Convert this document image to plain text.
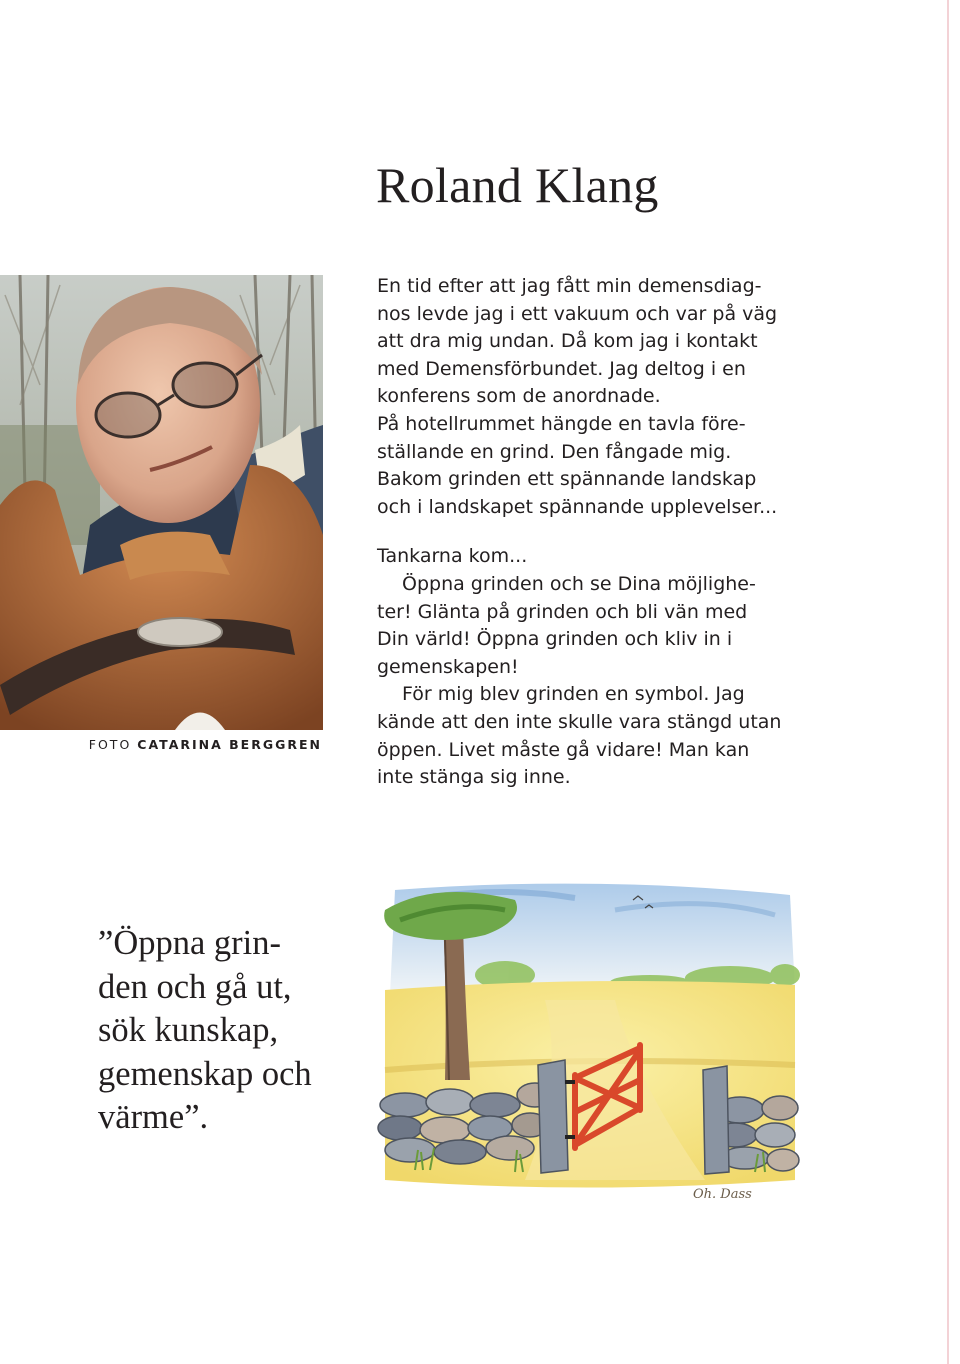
Roland Klang
FOTO CATARINA BERGGREN
En tid efter att jag fått min demensdiag-
nos levde jag i ett vakuum och var på väg
att dra mig undan. Då kom jag i kontakt
med Demensförbundet. Jag deltog i en
konferens som de anordnade.
På hotellrummet hängde en tavla före-
ställande en grind. Den fångade mig.
Bakom grinden ett spännande landskap
och i landskapet spännande upplevelser...
Tankarna kom...
Öppna grinden och se Dina möjlighe-
ter! Glänta på grinden och bli vän med
Din värld! Öppna grinden och kliv in i
gemenskapen!
För mig blev grinden en symbol. Jag
kände att den inte skulle vara stängd utan
öppen. Livet måste gå vidare! Man kan
inte stänga sig inne.
”Öppna grin-
den och gå ut,
sök kunskap,
gemenskap och
värme”.
Oh. Dass
